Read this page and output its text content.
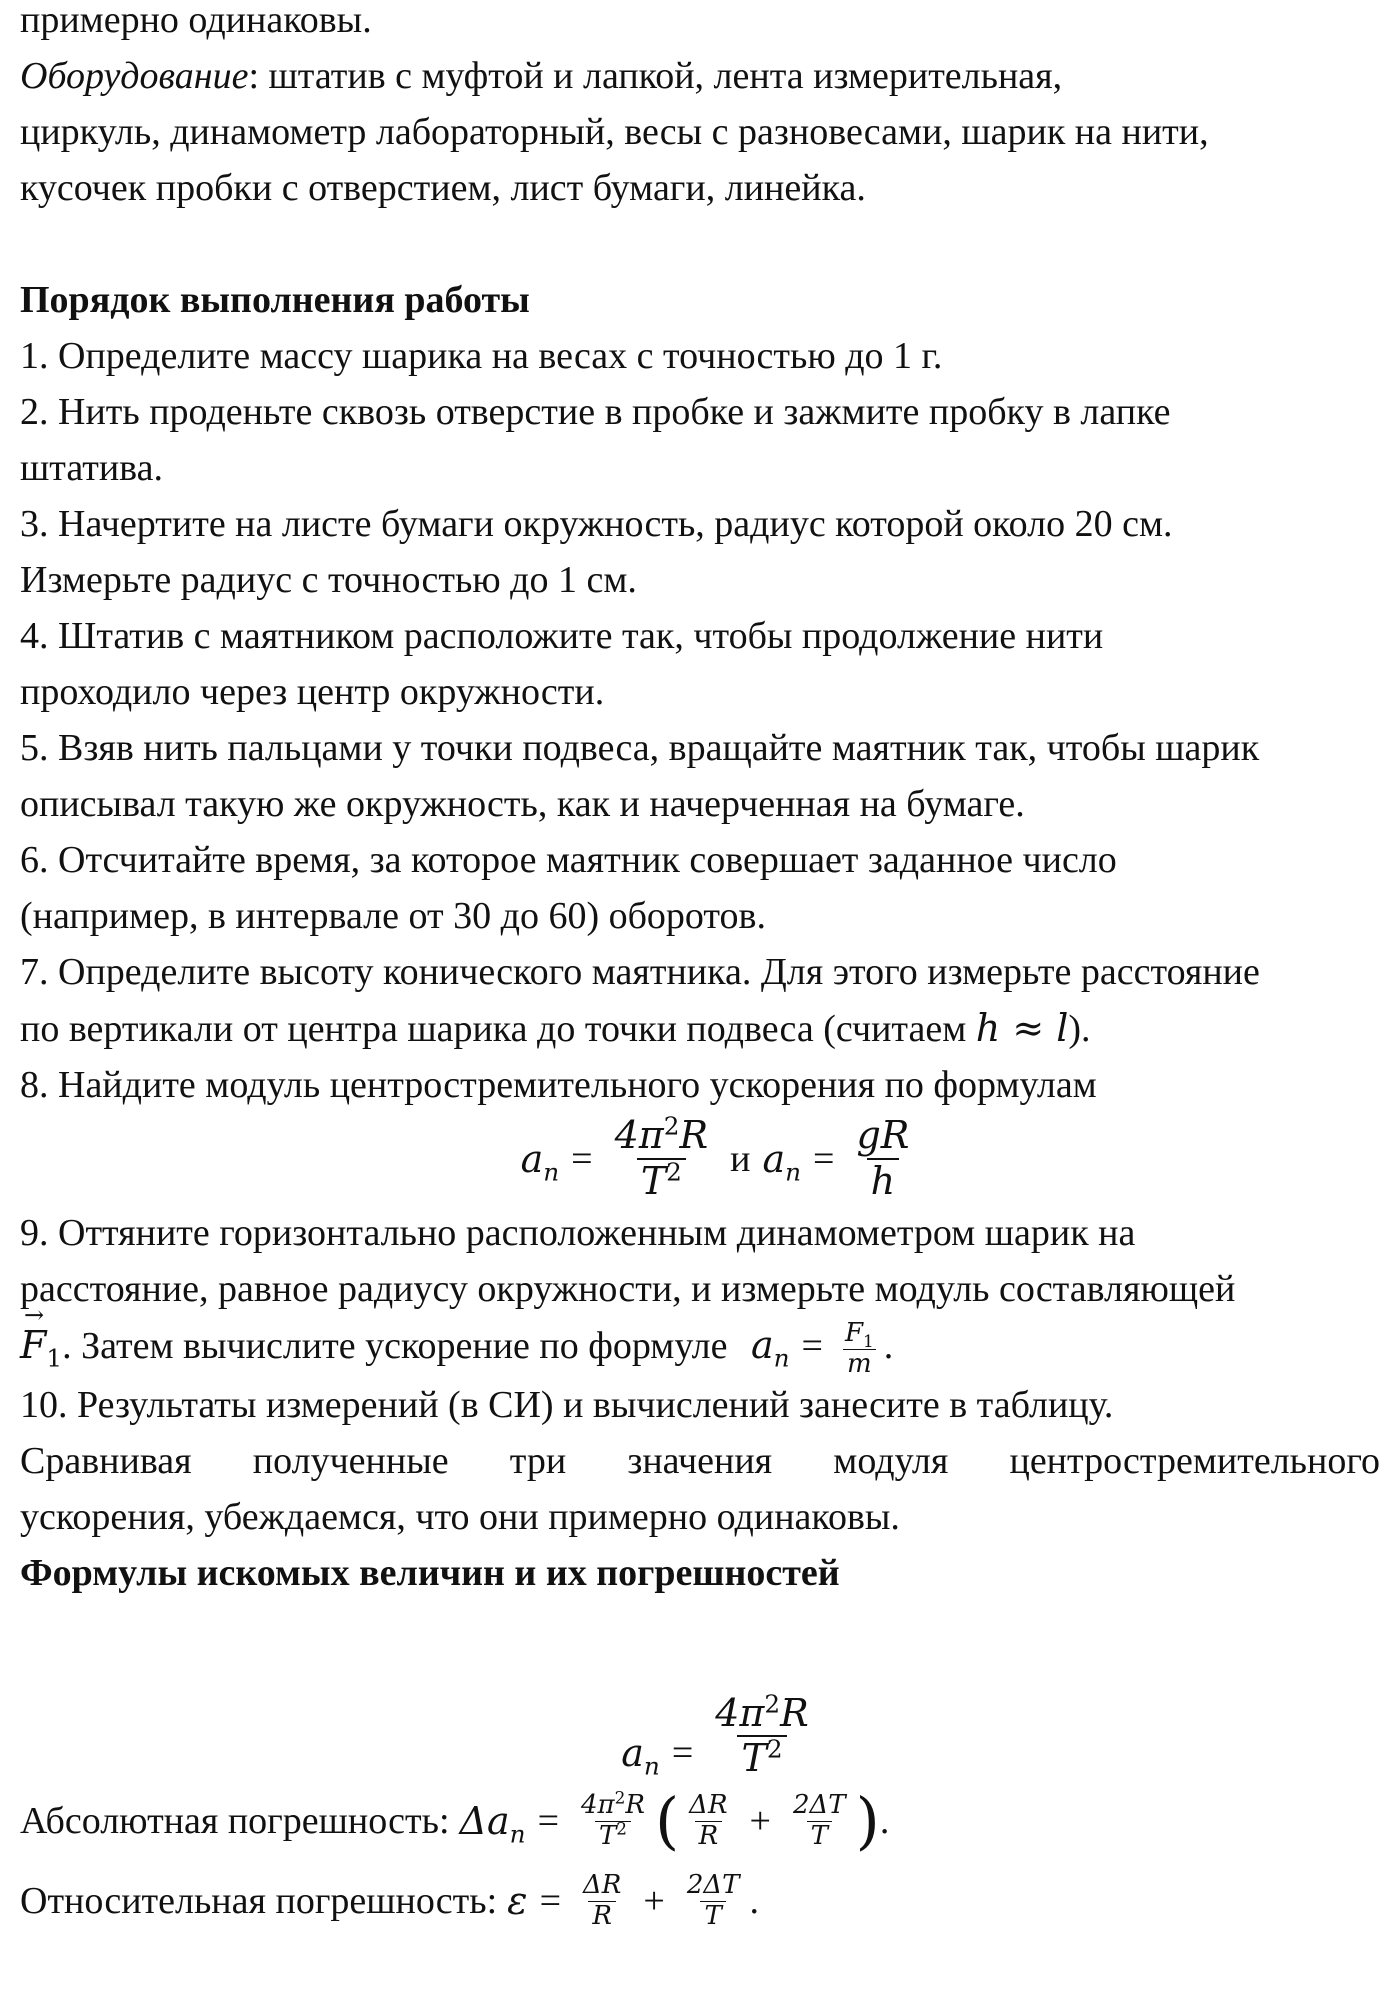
примерно одинаковы.
Оборудование: штатив с муфтой и лапкой, лента измерительная,
циркуль, динамометр лабораторный, весы с разновесами, шарик на нити,
кусочек пробки с отверстием, лист бумаги, линейка.
Порядок выполнения работы
1. Определите массу шарика на весах с точностью до 1 г.
2. Нить проденьте сквозь отверстие в пробке и зажмите пробку в лапке
штатива.
3. Начертите на листе бумаги окружность, радиус которой около 20 см.
Измерьте радиус с точностью до 1 см.
4. Штатив с маятником расположите так, чтобы продолжение нити
проходило через центр окружности.
5. Взяв нить пальцами у точки подвеса, вращайте маятник так, чтобы шарик
описывал такую же окружность, как и начерченная на бумаге.
6. Отсчитайте время, за которое маятник совершает заданное число
(например, в интервале от 30 до 60) оборотов.
7. Определите высоту конического маятника. Для этого измерьте расстояние
по вертикали от центра шарика до точки подвеса (считаем h ≈ l).
8. Найдите модуль центростремительного ускорения по формулам
$a_n = \frac{4\pi^2R}{T^2}$ и $a_n = \frac{gR}{h}$
9. Оттяните горизонтально расположенным динамометром шарик на
расстояние, равное радиусу окружности, и измерьте модуль составляющей
→ $F_1$. Затем вычислите ускорение по формуле $a_n = \frac{F_1}{m}$ .
10. Результаты измерений (в СИ) и вычислений занесите в таблицу.
Сравнивая полученные три значения модуля центростремительного
ускорения, убеждаемся, что они примерно одинаковы.
Формулы искомых величин и их погрешностей
$a_n = \frac{4\pi^2R}{T^2}$
Абсолютная погрешность: $\Delta a_n = \frac{4\pi^2R}{T^2}$ ( $\frac{\Delta R}{R} + \frac{2\Delta T}{T}$ ) .
Относительная погрешность: $\varepsilon = \frac{\Delta R}{R} + \frac{2\Delta T}{T}$ .
